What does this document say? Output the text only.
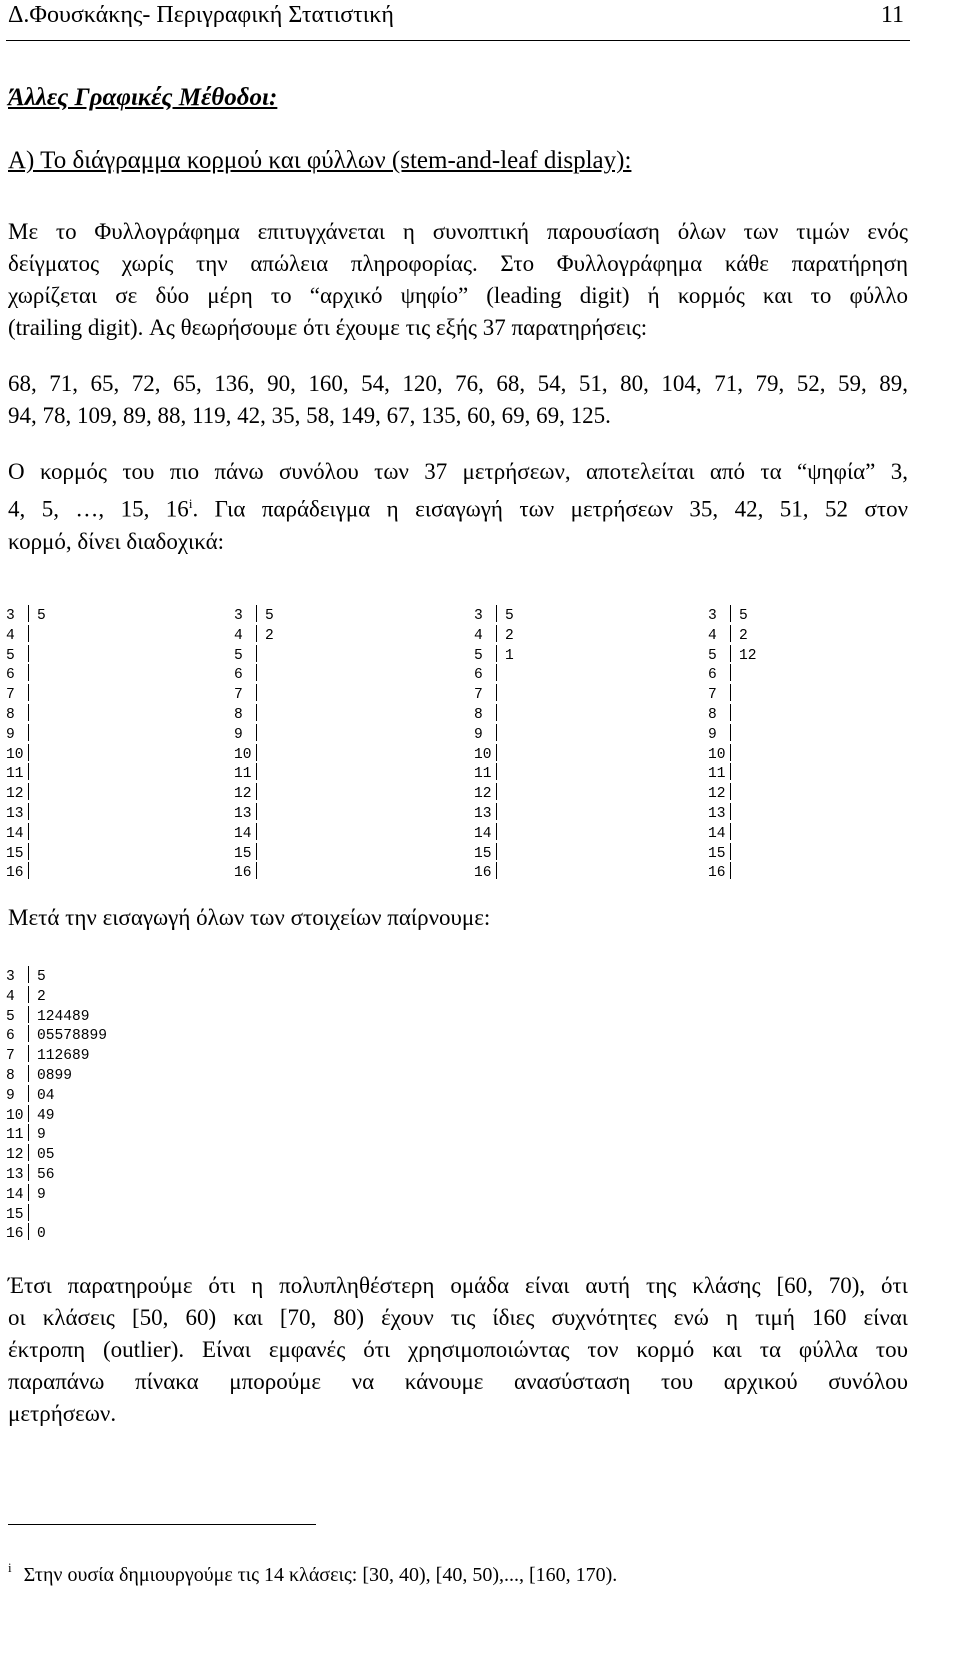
Δ.Φουσκάκης- Περιγραφική Στατιστική	11
Άλλες Γραφικές Μέθοδοι:
Α) Το διάγραμμα κορμού και φύλλων (stem-and-leaf display):
Με το Φυλλογράφημα επιτυγχάνεται η συνοπτική παρουσίαση όλων των τιμών ενός
δείγματος χωρίς την απώλεια πληροφορίας. Στο Φυλλογράφημα κάθε παρατήρηση
χωρίζεται σε δύο μέρη το “αρχικό ψηφίο” (leading digit) ή κορμός και το φύλλο
(trailing digit). Ας θεωρήσουμε ότι έχουμε τις εξής 37 παρατηρήσεις:
68, 71, 65, 72, 65, 136, 90, 160, 54, 120, 76, 68, 54, 51, 80, 104, 71, 79, 52, 59, 89,
94, 78, 109, 89, 88, 119, 42, 35, 58, 149, 67, 135, 60, 69, 69, 125.
Ο κορμός του πιο πάνω συνόλου των 37 μετρήσεων, αποτελείται από τα “ψηφία” 3,
4, 5, …, 15, 16$^i$. Για παράδειγμα η εισαγωγή των μετρήσεων 35, 42, 51, 52 στον
κορμό, δίνει διαδοχικά:
3 5
4
5
6
7
8
9
10
11
12
13
14
15
16
3 5
4 2
5
6
7
8
9
10
11
12
13
14
15
16
3 5
4 2
5 1
6
7
8
9
10
11
12
13
14
15
16
3 5
4 2
5 12
6
7
8
9
10
11
12
13
14
15
16
Μετά την εισαγωγή όλων των στοιχείων παίρνουμε:
3 5
4 2
5 124489
6 05578899
7 112689
8 0899
9 04
10 49
11 9
12 05
13 56
14 9
15
16 0
Έτσι παρατηρούμε ότι η πολυπληθέστερη ομάδα είναι αυτή της κλάσης [60, 70), ότι
οι κλάσεις [50, 60) και [70, 80) έχουν τις ίδιες συχνότητες ενώ η τιμή 160 είναι
έκτροπη (outlier). Είναι εμφανές ότι χρησιμοποιώντας τον κορμό και τα φύλλα του
παραπάνω πίνακα μπορούμε να κάνουμε ανασύσταση του αρχικού συνόλου
μετρήσεων.
$^i$ Στην ουσία δημιουργούμε τις 14 κλάσεις: [30, 40), [40, 50),..., [160, 170).
